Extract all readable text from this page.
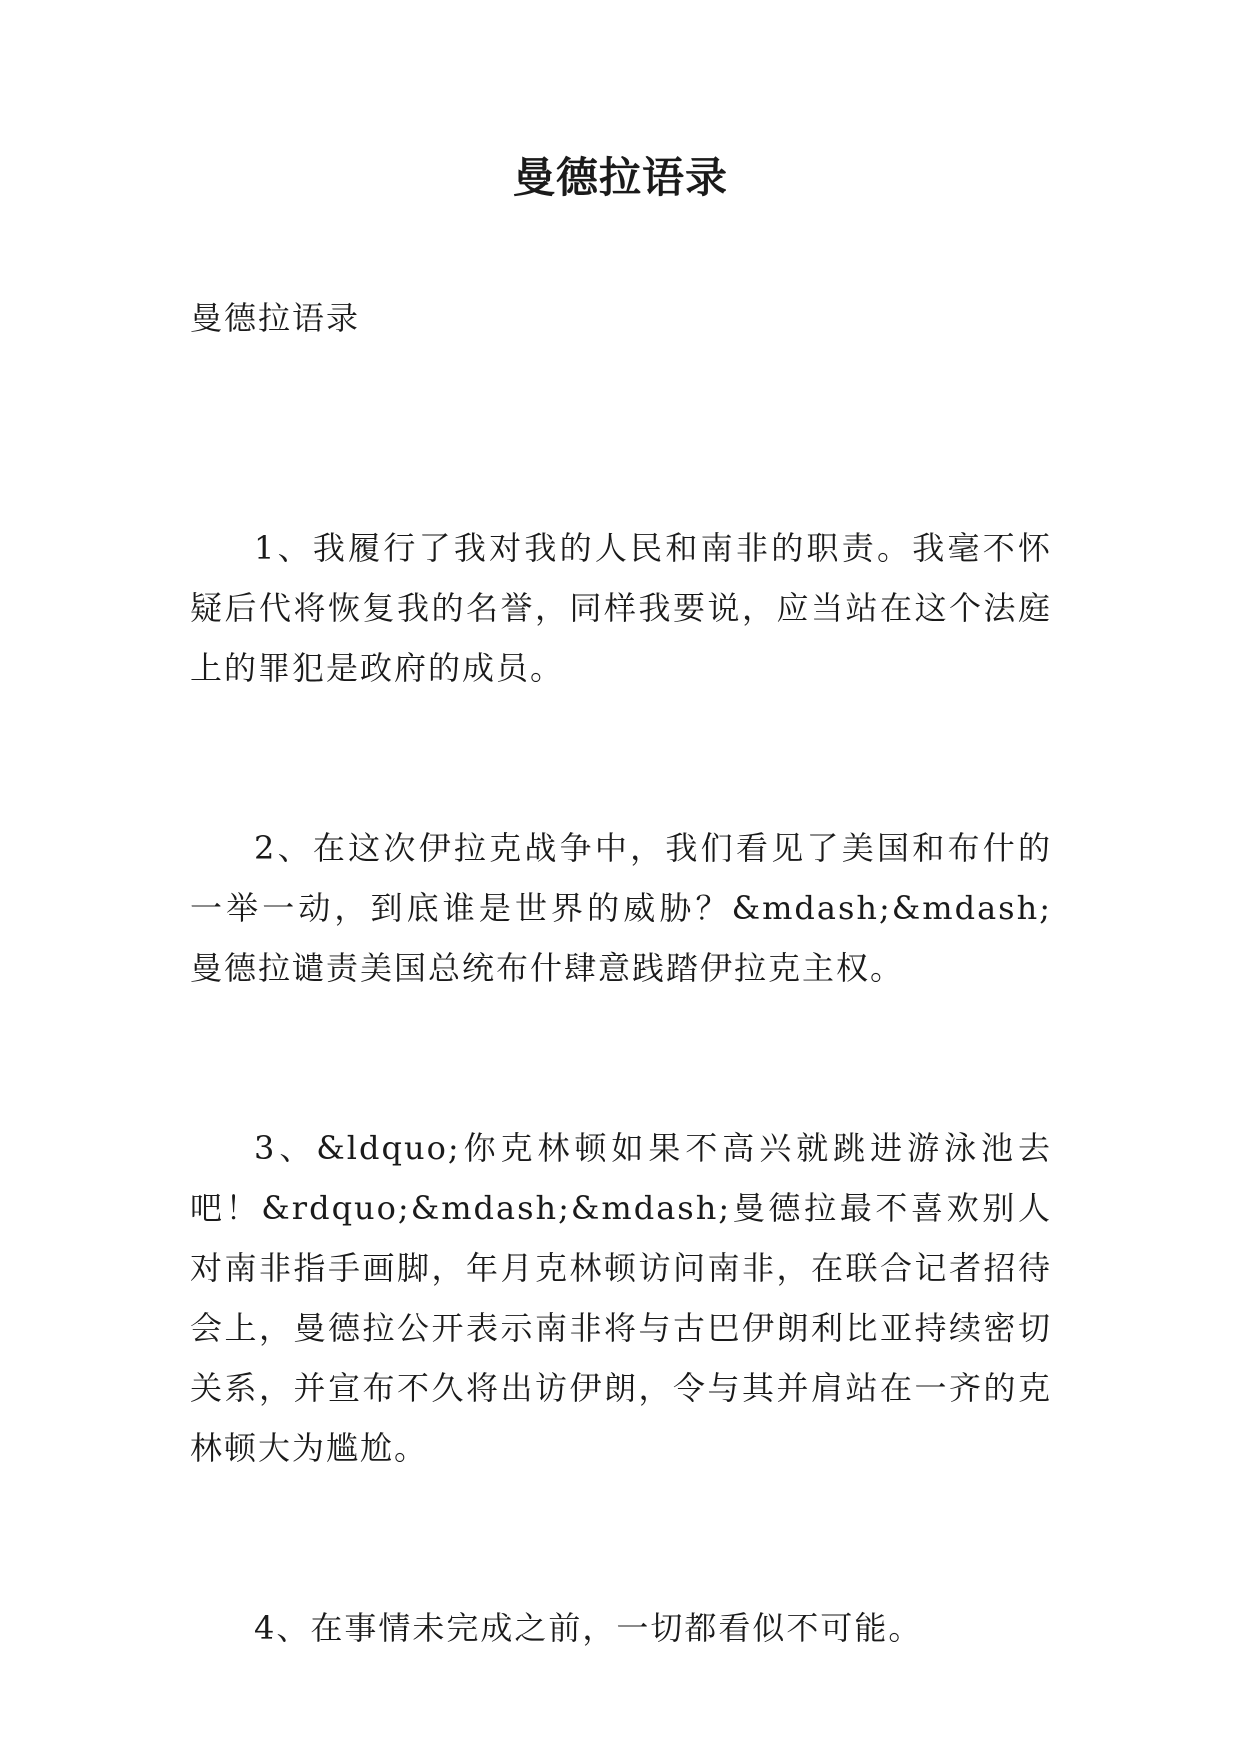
曼德拉语录

曼德拉语录

1、我履行了我对我的人民和南非的职责。我毫不怀疑后代将恢复我的名誉，同样我要说，应当站在这个法庭上的罪犯是政府的成员。

2、在这次伊拉克战争中，我们看见了美国和布什的一举一动，到底谁是世界的威胁？&mdash;&mdash;曼德拉谴责美国总统布什肆意践踏伊拉克主权。

3、&ldquo;你克林顿如果不高兴就跳进游泳池去吧！&rdquo;&mdash;&mdash;曼德拉最不喜欢别人对南非指手画脚，年月克林顿访问南非，在联合记者招待会上，曼德拉公开表示南非将与古巴伊朗利比亚持续密切关系，并宣布不久将出访伊朗，令与其并肩站在一齐的克林顿大为尴尬。

4、在事情未完成之前，一切都看似不可能。
